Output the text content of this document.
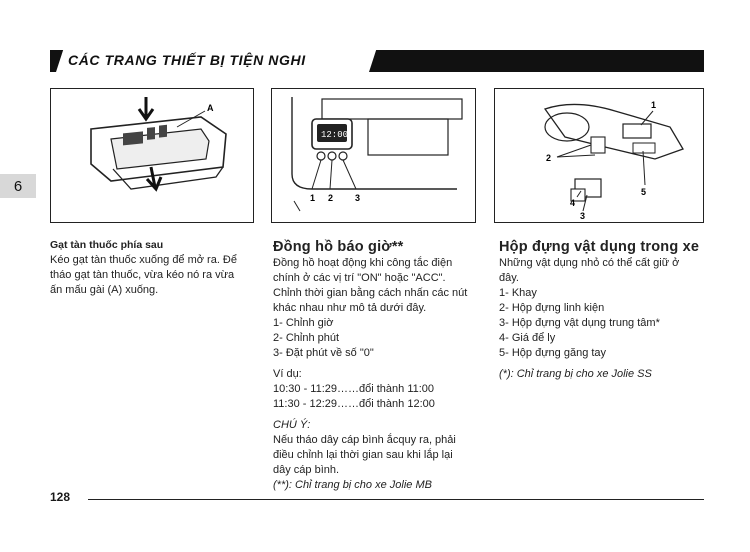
CÁC TRANG THIẾT BỊ TIỆN NGHI
6
A
12:00
1 2 3
1
2
3
4
5

Gạt tàn thuốc phía sau

Kéo gạt tàn thuốc xuống để mở ra. Để

tháo gạt tàn thuốc, vừa kéo nó ra vừa

ấn mấu gài (A) xuống.

Đồng hồ báo giờ**

Đồng hồ hoạt động khi công tắc điện

chính ở các vị trí "ON" hoặc "ACC".

Chỉnh thời gian bằng cách nhấn các nút

khác nhau như mô tả dưới đây.

1- Chỉnh giờ

2- Chỉnh phút

3- Đặt phút về số "0"

Ví dụ:

10:30 - 11:29……đổi thành 11:00

11:30 - 12:29……đổi thành 12:00

CHÚ Ý:

Nếu tháo dây cáp bình ắcquy ra, phải

điều chỉnh lại thời gian sau khi lắp lại

dây cáp bình.

(**): Chỉ trang bị cho xe Jolie MB

Hộp đựng vật dụng trong xe

Những vật dụng nhỏ có thể cất giữ ở

đây.

1- Khay

2- Hộp đựng linh kiện

3- Hộp đựng vật dụng trung tâm*

4- Giá để ly

5- Hộp đựng găng tay

(*): Chỉ trang bị cho xe Jolie SS

128
